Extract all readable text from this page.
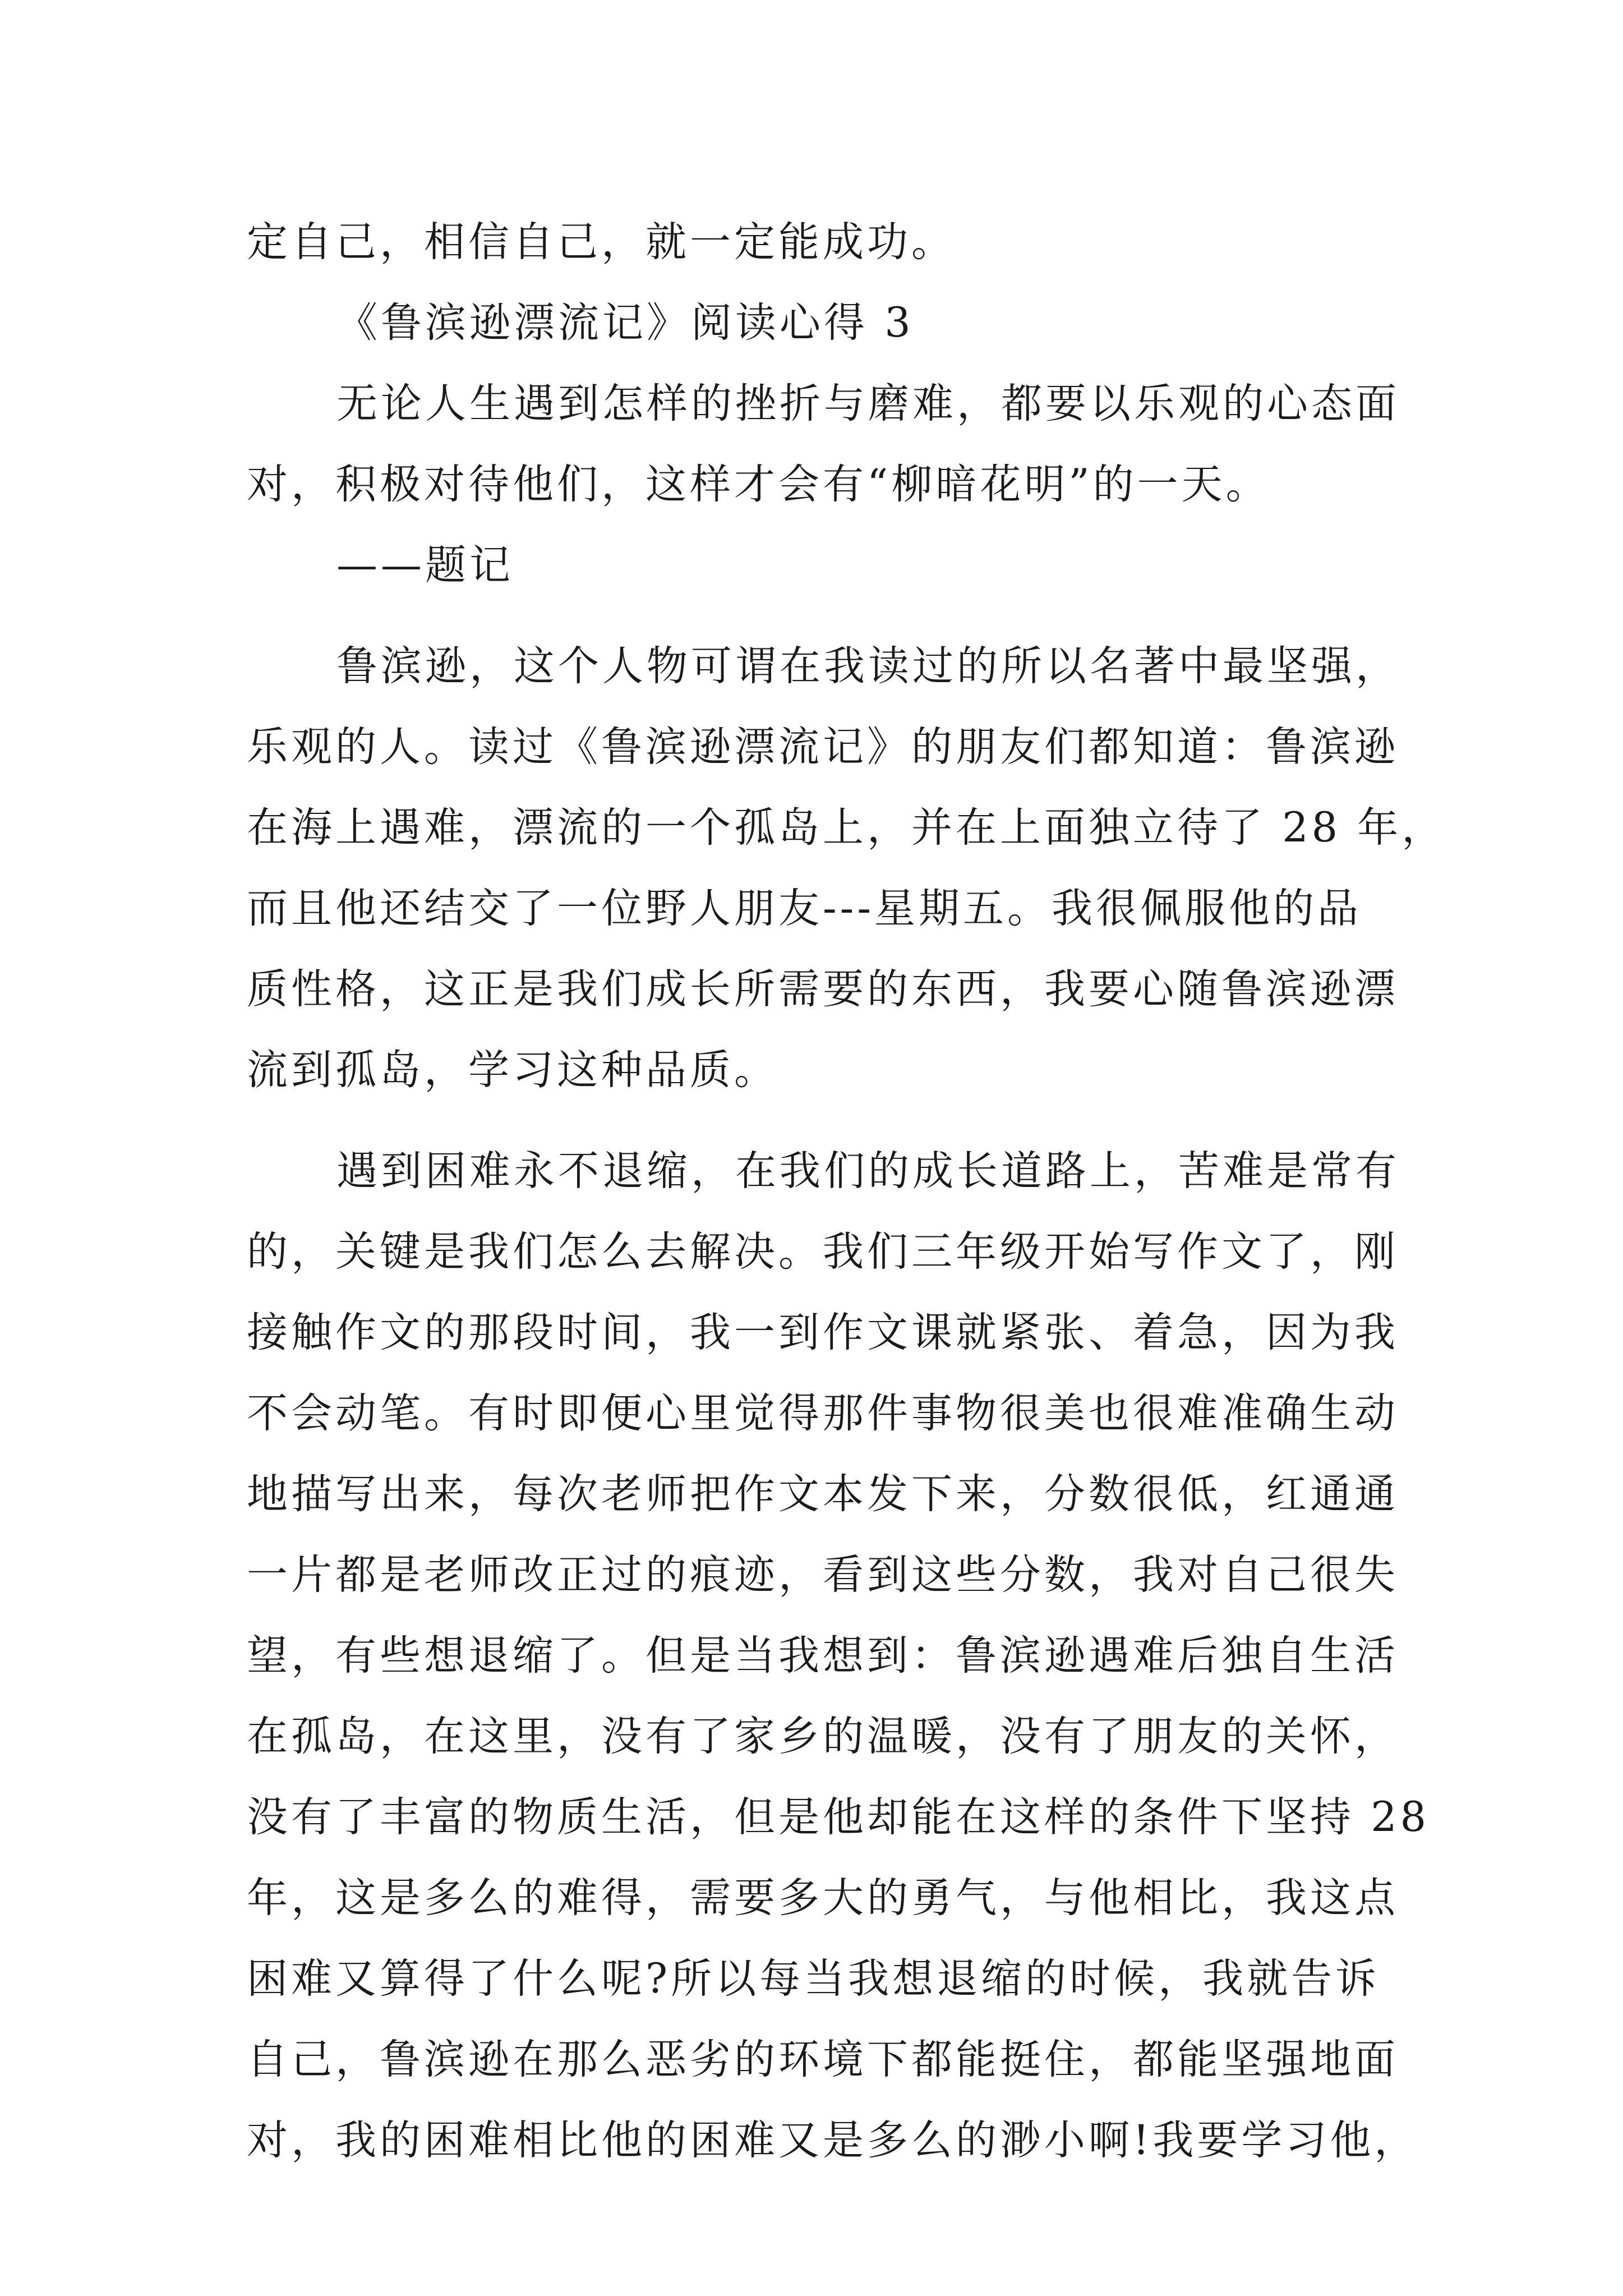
定自己，相信自己，就一定能成功。
《鲁滨逊漂流记》阅读心得 3
无论人生遇到怎样的挫折与磨难，都要以乐观的心态面
对，积极对待他们，这样才会有“柳暗花明”的一天。
——题记
鲁滨逊，这个人物可谓在我读过的所以名著中最坚强，
乐观的人。读过《鲁滨逊漂流记》的朋友们都知道：鲁滨逊
在海上遇难，漂流的一个孤岛上，并在上面独立待了 28 年，
而且他还结交了一位野人朋友---星期五。我很佩服他的品
质性格，这正是我们成长所需要的东西，我要心随鲁滨逊漂
流到孤岛，学习这种品质。
遇到困难永不退缩，在我们的成长道路上，苦难是常有
的，关键是我们怎么去解决。我们三年级开始写作文了，刚
接触作文的那段时间，我一到作文课就紧张、着急，因为我
不会动笔。有时即便心里觉得那件事物很美也很难准确生动
地描写出来，每次老师把作文本发下来，分数很低，红通通
一片都是老师改正过的痕迹，看到这些分数，我对自己很失
望，有些想退缩了。但是当我想到：鲁滨逊遇难后独自生活
在孤岛，在这里，没有了家乡的温暖，没有了朋友的关怀，
没有了丰富的物质生活，但是他却能在这样的条件下坚持 28
年，这是多么的难得，需要多大的勇气，与他相比，我这点
困难又算得了什么呢?所以每当我想退缩的时候，我就告诉
自己，鲁滨逊在那么恶劣的环境下都能挺住，都能坚强地面
对，我的困难相比他的困难又是多么的渺小啊!我要学习他，
